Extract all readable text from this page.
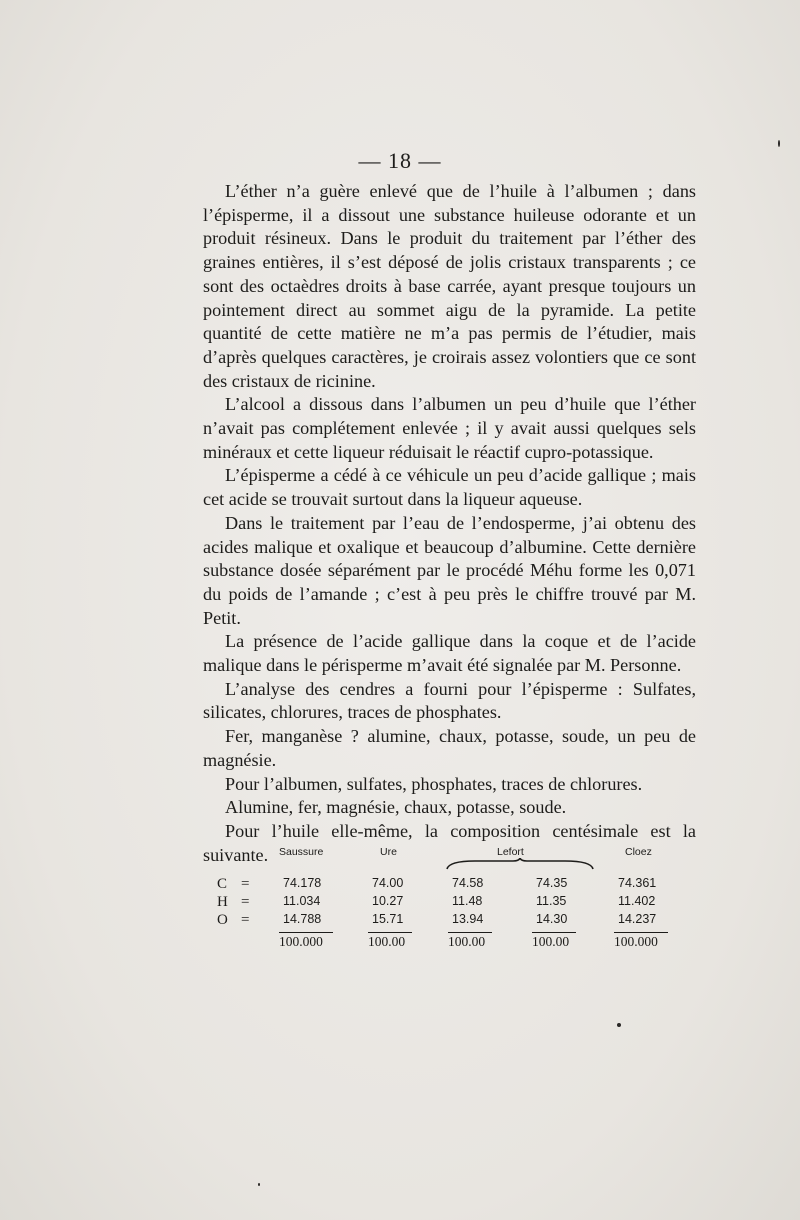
— 18 —

L’éther n’a guère enlevé que de l’huile à l’albumen ; dans l’épisperme, il a dissout une substance huileuse odorante et un produit résineux. Dans le produit du traitement par l’éther des graines entières, il s’est déposé de jolis cristaux transparents ; ce sont des octaèdres droits à base carrée, ayant presque toujours un pointement direct au sommet aigu de la pyramide. La petite quantité de cette matière ne m’a pas permis de l’étudier, mais d’après quelques caractères, je croirais assez volontiers que ce sont des cristaux de ricinine.

L’alcool a dissous dans l’albumen un peu d’huile que l’éther n’avait pas complétement enlevée ; il y avait aussi quelques sels minéraux et cette liqueur réduisait le réactif cupro-potassique.

L’épisperme a cédé à ce véhicule un peu d’acide gallique ; mais cet acide se trouvait surtout dans la liqueur aqueuse.

Dans le traitement par l’eau de l’endosperme, j’ai obtenu des acides malique et oxalique et beaucoup d’albumine. Cette dernière substance dosée séparément par le procédé Méhu forme les 0,071 du poids de l’amande ; c’est à peu près le chiffre trouvé par M. Petit.

La présence de l’acide gallique dans la coque et de l’acide malique dans le périsperme m’avait été signalée par M. Personne.

L’analyse des cendres a fourni pour l’épisperme : Sulfates, silicates, chlorures, traces de phosphates.

Fer, manganèse ? alumine, chaux, potasse, soude, un peu de magnésie.

Pour l’albumen, sulfates, phosphates, traces de chlorures.

Alumine, fer, magnésie, chaux, potasse, soude.

Pour l’huile elle-même, la composition centésimale est la suivante.	Saussure	Ure	Lefort	Cloez
C =	74.178	74.00	74.58	74.35	74.361
H =	11.034	10.27	11.48	11.35	11.402
O =	14.788	15.71	13.94	14.30	14.237
100.000	100.00	100.00	100.00	100.000
